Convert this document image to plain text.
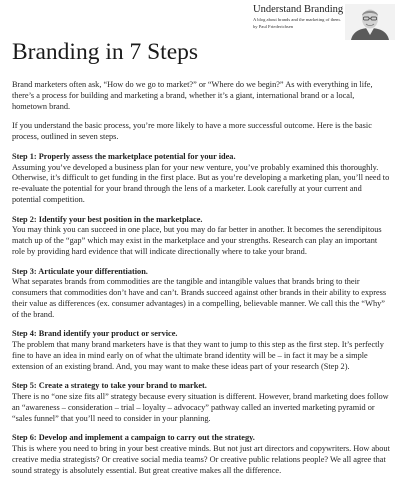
Understand Branding
A blog about brands and the marketing of them. by Paul Friederichsen
Branding in 7 Steps

Brand marketers often ask, “How do we go to market?” or “Where do we begin?” As with everything in life, there’s a process for building and marketing a brand, whether it’s a giant, international brand or a local, hometown brand.

If you understand the basic process, you’re more likely to have a more successful outcome. Here is the basic process, outlined in seven steps.

Step 1: Properly assess the marketplace potential for your idea.
Assuming you’ve developed a business plan for your new venture, you’ve probably examined this thoroughly. Otherwise, it’s difficult to get funding in the first place. But as you’re developing a marketing plan, you’ll need to re-evaluate the potential for your brand through the lens of a marketer. Look carefully at your current and potential competition.

Step 2: Identify your best position in the marketplace.
You may think you can succeed in one place, but you may do far better in another. It becomes the serendipitous match up of the “gap” which may exist in the marketplace and your strengths. Research can play an important role by providing hard evidence that will indicate directionally where to take your brand.

Step 3: Articulate your differentiation.
What separates brands from commodities are the tangible and intangible values that brands bring to their consumers that commodities don’t have and can’t. Brands succeed against other brands in their ability to express their value as differences (ex. consumer advantages) in a compelling, believable manner. We call this the “Why” of the brand.

Step 4: Brand identify your product or service.
The problem that many brand marketers have is that they want to jump to this step as the first step. It’s perfectly fine to have an idea in mind early on of what the ultimate brand identity will be – in fact it may be a simple extension of an existing brand. And, you may want to make these ideas part of your research (Step 2).

Step 5: Create a strategy to take your brand to market.
There is no “one size fits all” strategy because every situation is different. However, brand marketing does follow an “awareness – consideration – trial – loyalty – advocacy” pathway called an inverted marketing pyramid or “sales funnel” that you’ll need to consider in your planning.

Step 6: Develop and implement a campaign to carry out the strategy.
This is where you need to bring in your best creative minds. But not just art directors and copywriters. How about creative media strategists? Or creative social media teams? Or creative public relations people? We all agree that sound strategy is absolutely essential. But great creative makes all the difference.
